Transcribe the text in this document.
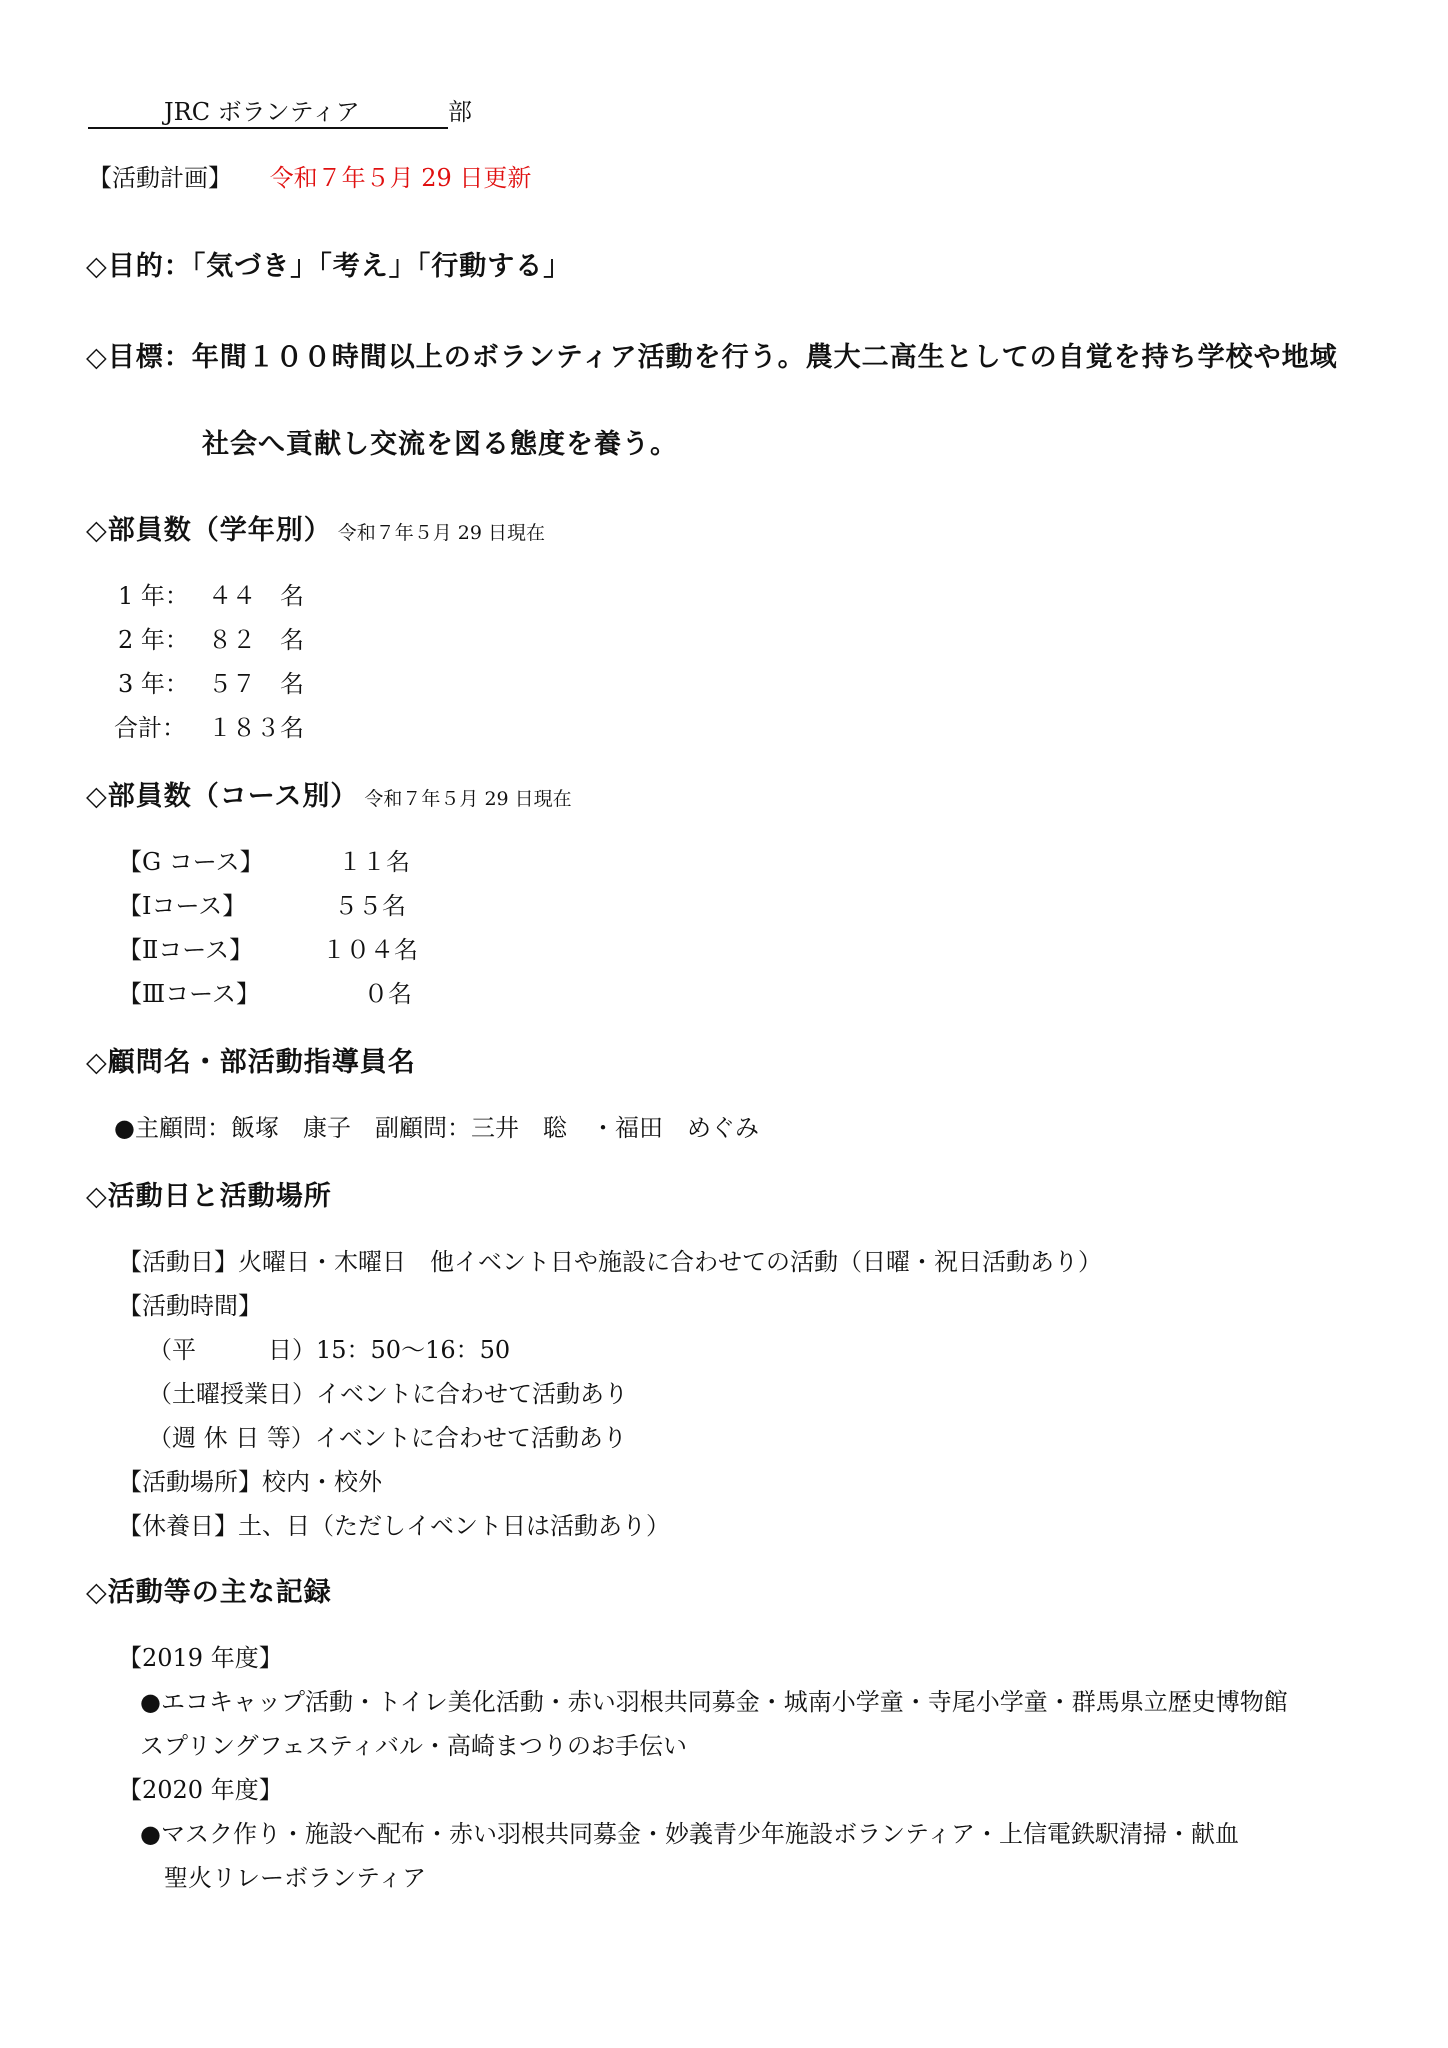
JRC ボランティア	部
【活動計画】 令和７年５月 29 日更新
◇目的：「気づき」「考え」「行動する」
◇目標：年間１００時間以上のボランティア活動を行う。農大二高生としての自覚を持ち学校や地域
社会へ貢献し交流を図る態度を養う。
◇部員数（学年別） 令和７年５月 29 日現在
1 年： ４４　名
2 年： ８２　名
3 年： ５７　名
合計： １８３名
◇部員数（コース別） 令和７年５月 29 日現在
【G コース】	１１名
【Ⅰコース】	５５名
【Ⅱコース】	１０４名
【Ⅲコース】	０名
◇顧問名・部活動指導員名
●主顧問：飯塚　康子　副顧問：三井　聡　・福田　めぐみ
◇活動日と活動場所
【活動日】火曜日・木曜日　他イベント日や施設に合わせての活動（日曜・祝日活動あり）
【活動時間】
（平　　　日）15：50～16：50
（土曜授業日）イベントに合わせて活動あり
（週 休 日 等）イベントに合わせて活動あり
【活動場所】校内・校外
【休養日】土、日（ただしイベント日は活動あり）
◇活動等の主な記録
【2019 年度】
●エコキャップ活動・トイレ美化活動・赤い羽根共同募金・城南小学童・寺尾小学童・群馬県立歴史博物館
スプリングフェスティバル・高崎まつりのお手伝い
【2020 年度】
●マスク作り・施設へ配布・赤い羽根共同募金・妙義青少年施設ボランティア・上信電鉄駅清掃・献血
聖火リレーボランティア
